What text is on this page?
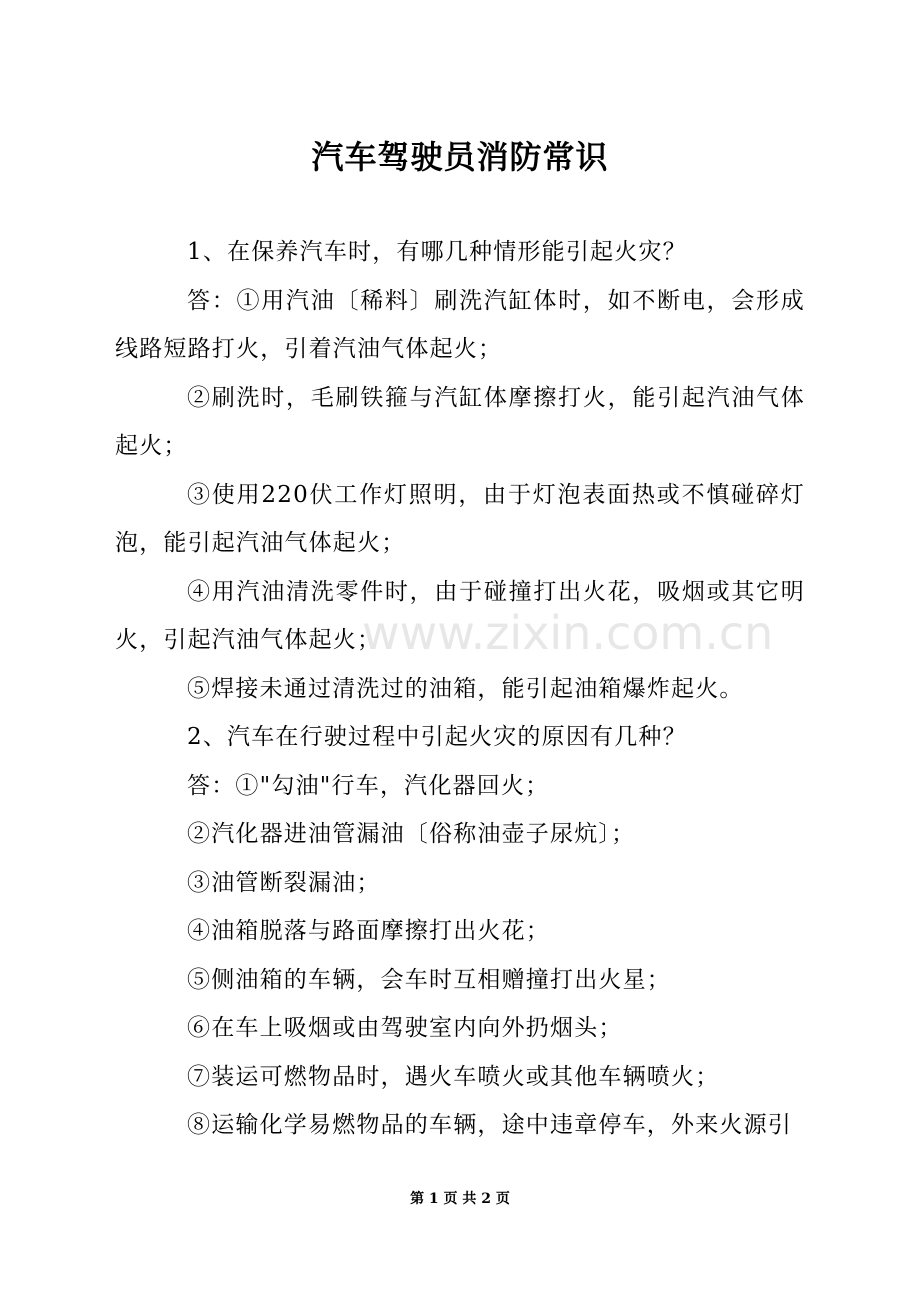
汽车驾驶员消防常识

1、在保养汽车时，有哪几种情形能引起火灾？

答：①用汽油〔稀料〕刷洗汽缸体时，如不断电，会形成线路短路打火，引着汽油气体起火；

②刷洗时，毛刷铁箍与汽缸体摩擦打火，能引起汽油气体起火；

③使用220伏工作灯照明，由于灯泡表面热或不慎碰碎灯泡，能引起汽油气体起火；

④用汽油清洗零件时，由于碰撞打出火花，吸烟或其它明火，引起汽油气体起火；

⑤焊接未通过清洗过的油箱，能引起油箱爆炸起火。

2、汽车在行驶过程中引起火灾的原因有几种？

答：①"勾油"行车，汽化器回火；

②汽化器进油管漏油〔俗称油壶子尿炕〕；

③油管断裂漏油；

④油箱脱落与路面摩擦打出火花；

⑤侧油箱的车辆，会车时互相赠撞打出火星；

⑥在车上吸烟或由驾驶室内向外扔烟头；

⑦装运可燃物品时，遇火车喷火或其他车辆喷火；

⑧运输化学易燃物品的车辆，途中违章停车，外来火源引

www.zixin.com.cn
第 1 页 共 2 页
